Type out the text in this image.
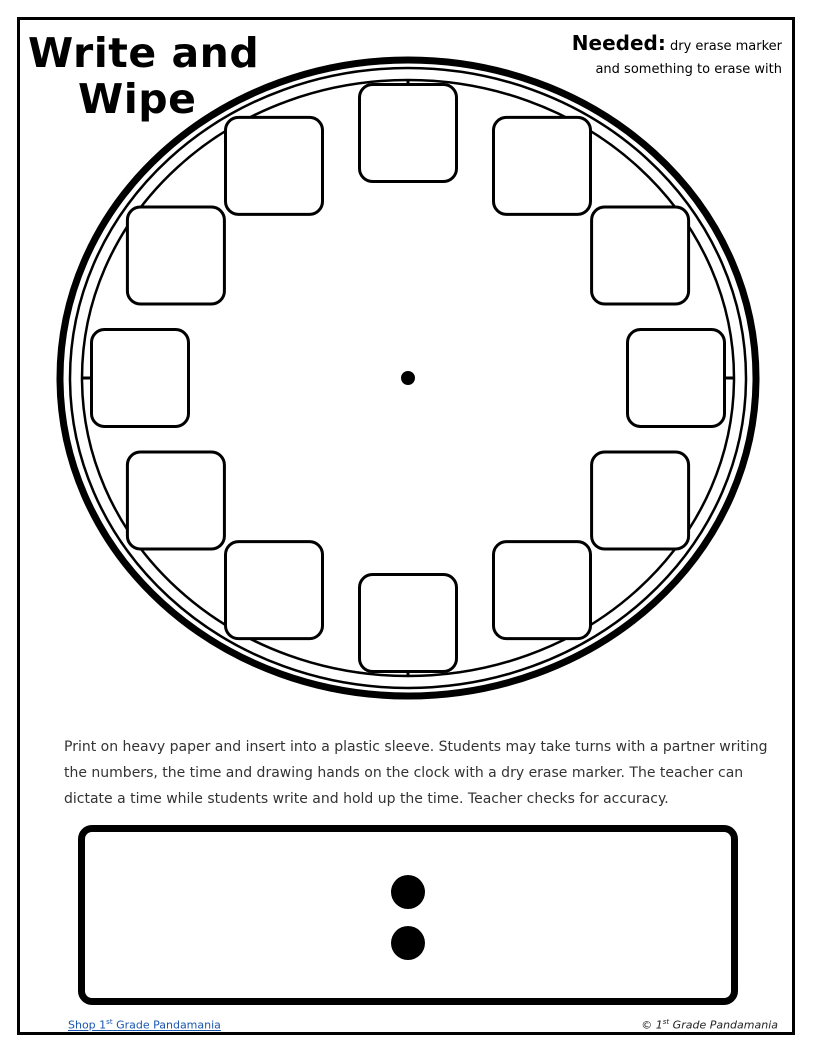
Write and
Wipe
Needed: dry erase marker
and something to erase with
Print on heavy paper and insert into a plastic sleeve. Students may take turns with a partner writing the numbers, the time and drawing hands on the clock with a dry erase marker. The teacher can dictate a time while students write and hold up the time. Teacher checks for accuracy.
Shop 1st Grade Pandamania	© 1st Grade Pandamania
